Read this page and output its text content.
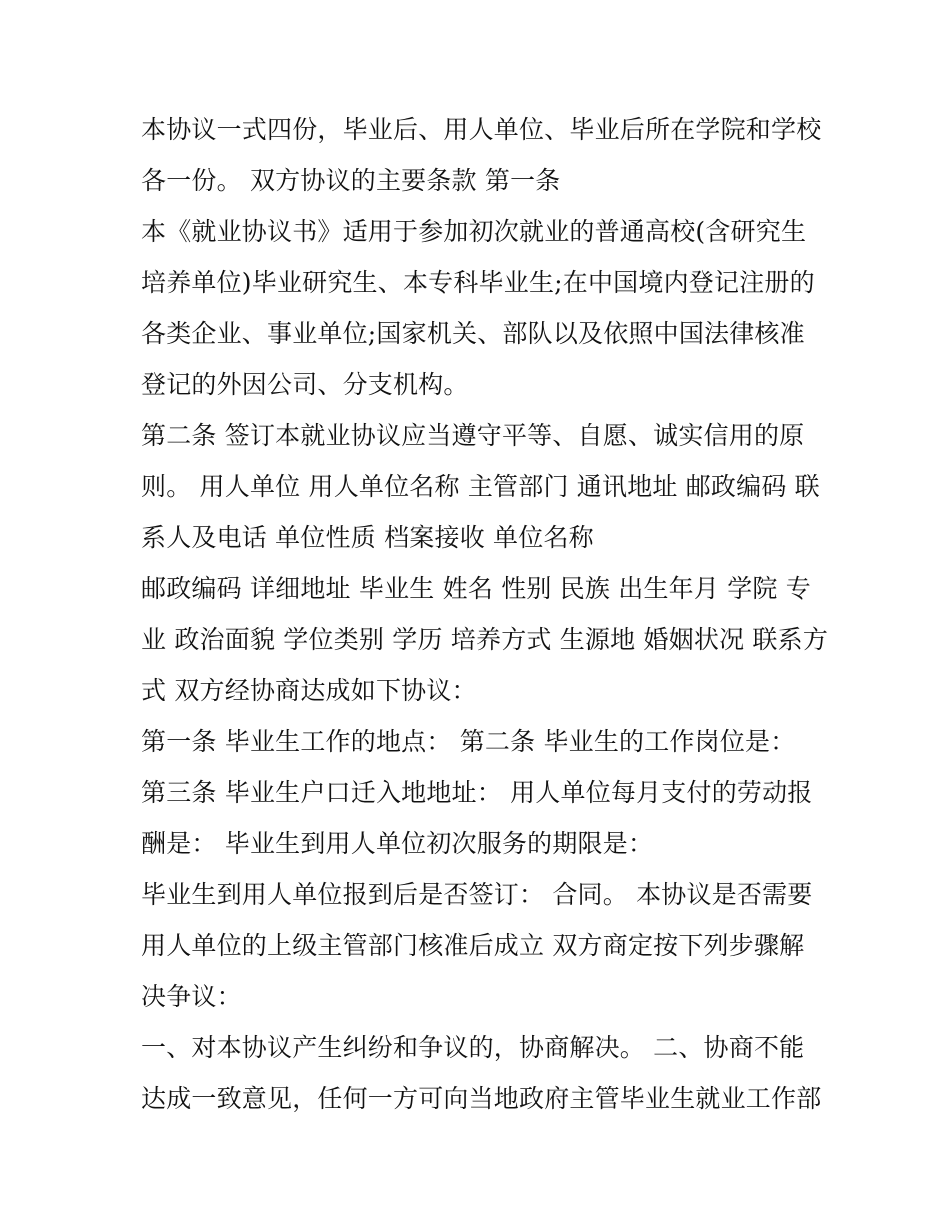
本协议一式四份，毕业后、用人单位、毕业后所在学院和学校
各一份。 双方协议的主要条款 第一条
本《就业协议书》适用于参加初次就业的普通高校(含研究生
培养单位)毕业研究生、本专科毕业生;在中国境内登记注册的
各类企业、事业单位;国家机关、部队以及依照中国法律核准
登记的外因公司、分支机构。
第二条 签订本就业协议应当遵守平等、自愿、诚实信用的原
则。 用人单位 用人单位名称 主管部门 通讯地址 邮政编码 联
系人及电话 单位性质 档案接收 单位名称
邮政编码 详细地址 毕业生 姓名 性别 民族 出生年月 学院 专
业 政治面貌 学位类别 学历 培养方式 生源地 婚姻状况 联系方
式 双方经协商达成如下协议：
第一条 毕业生工作的地点： 第二条 毕业生的工作岗位是：
第三条 毕业生户口迁入地地址： 用人单位每月支付的劳动报
酬是： 毕业生到用人单位初次服务的期限是：
毕业生到用人单位报到后是否签订： 合同。 本协议是否需要
用人单位的上级主管部门核准后成立 双方商定按下列步骤解
决争议：
一、对本协议产生纠纷和争议的，协商解决。 二、协商不能
达成一致意见，任何一方可向当地政府主管毕业生就业工作部
